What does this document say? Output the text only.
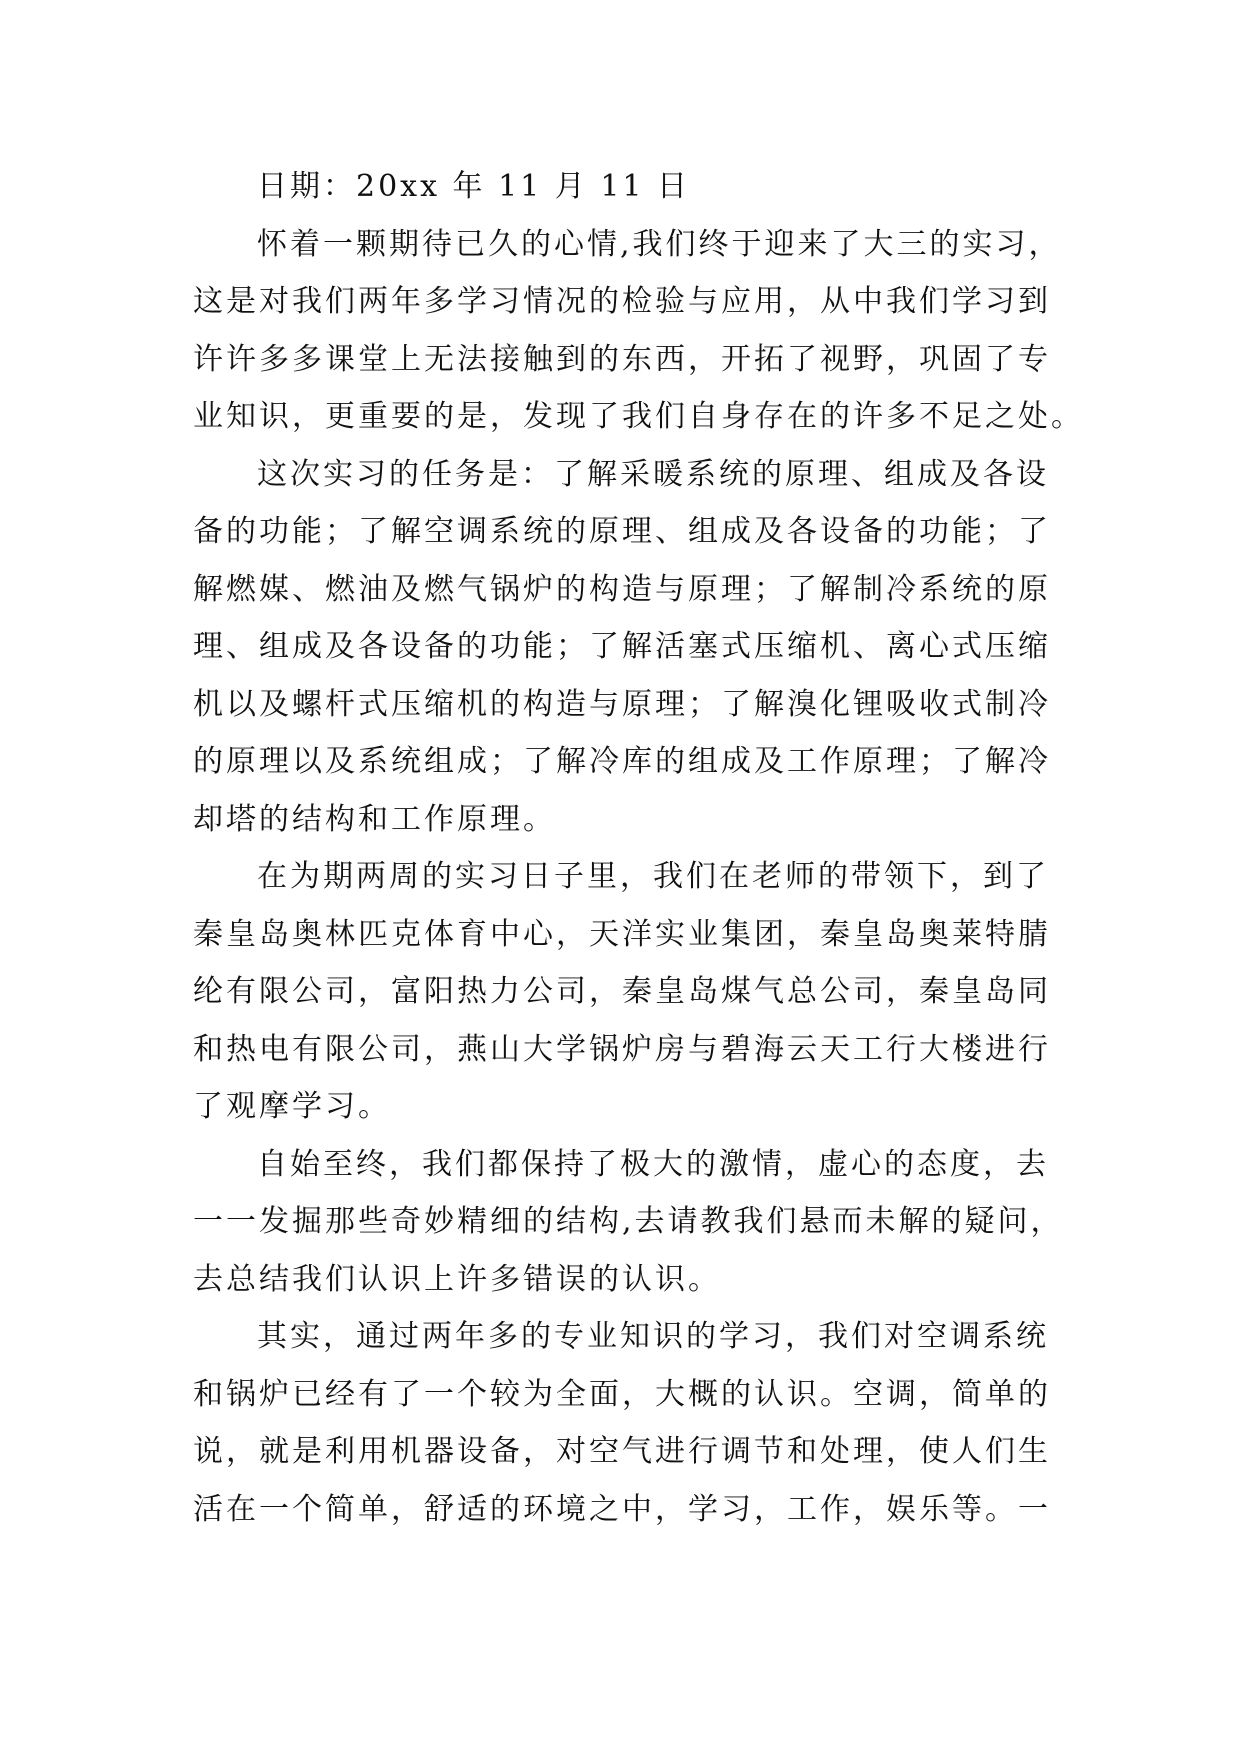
日期：20xx 年 11 月 11 日
怀着一颗期待已久的心情,我们终于迎来了大三的实习，
这是对我们两年多学习情况的检验与应用，从中我们学习到
许许多多课堂上无法接触到的东西，开拓了视野，巩固了专
业知识，更重要的是，发现了我们自身存在的许多不足之处。
这次实习的任务是：了解采暖系统的原理、组成及各设
备的功能；了解空调系统的原理、组成及各设备的功能；了
解燃媒、燃油及燃气锅炉的构造与原理；了解制冷系统的原
理、组成及各设备的功能；了解活塞式压缩机、离心式压缩
机以及螺杆式压缩机的构造与原理；了解溴化锂吸收式制冷
的原理以及系统组成；了解冷库的组成及工作原理；了解冷
却塔的结构和工作原理。
在为期两周的实习日子里，我们在老师的带领下，到了
秦皇岛奥林匹克体育中心，天洋实业集团，秦皇岛奥莱特腈
纶有限公司，富阳热力公司，秦皇岛煤气总公司，秦皇岛同
和热电有限公司，燕山大学锅炉房与碧海云天工行大楼进行
了观摩学习。
自始至终，我们都保持了极大的激情，虚心的态度，去
一一发掘那些奇妙精细的结构,去请教我们悬而未解的疑问，
去总结我们认识上许多错误的认识。
其实，通过两年多的专业知识的学习，我们对空调系统
和锅炉已经有了一个较为全面，大概的认识。空调，简单的
说，就是利用机器设备，对空气进行调节和处理，使人们生
活在一个简单，舒适的环境之中，学习，工作，娱乐等。一
